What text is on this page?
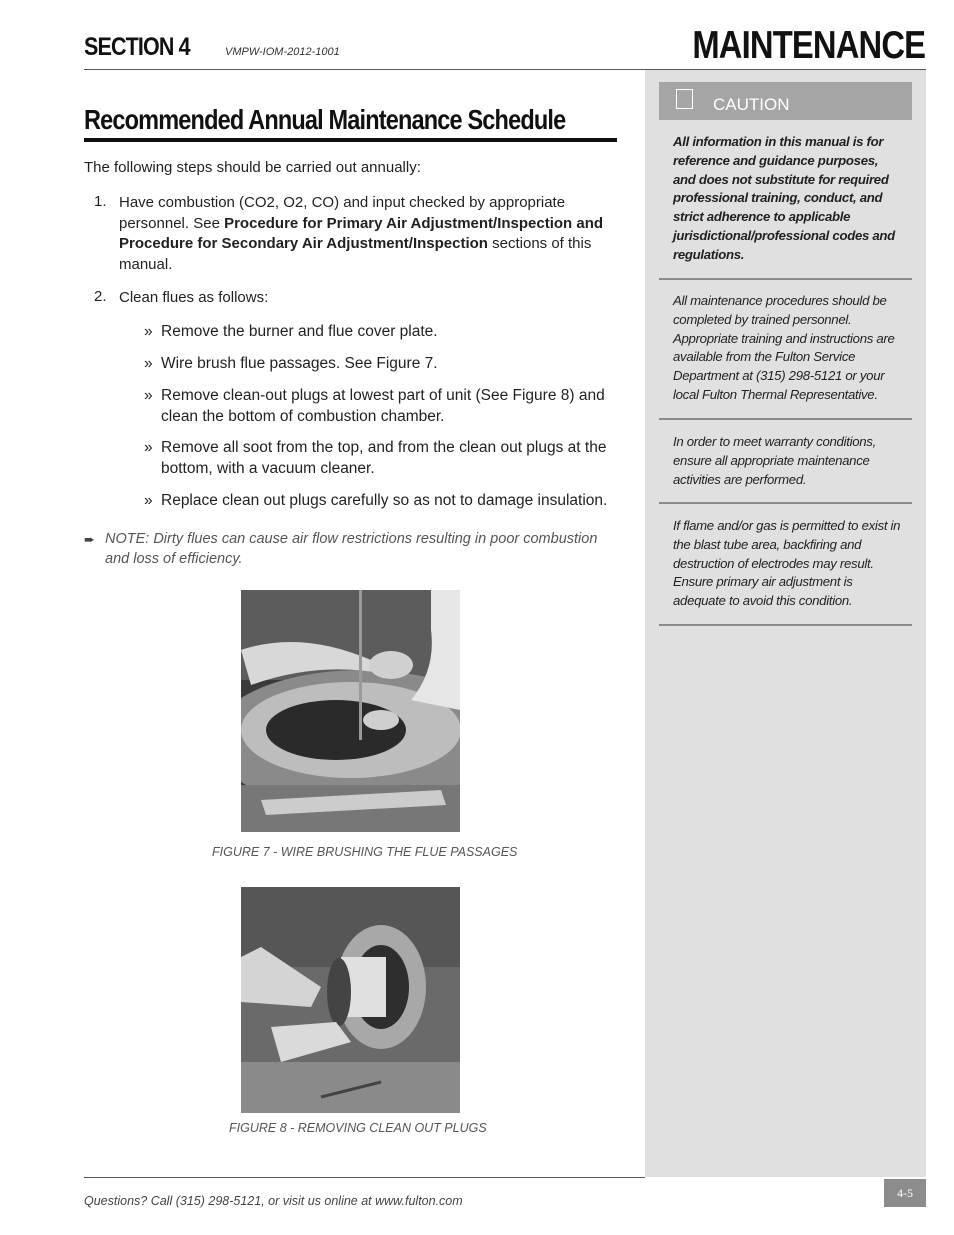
SECTION 4	VMPW-IOM-2012-1001	MAINTENANCE
CAUTION
All information in this manual is for reference and guidance purposes, and does not substitute for required professional training, conduct, and strict adherence to applicable jurisdictional/professional codes and regulations.
All maintenance procedures should be completed by trained personnel. Appropriate training and instructions are available from the Fulton Service Department at (315) 298-5121 or your local Fulton Thermal Representative.
In order to meet warranty conditions, ensure all appropriate maintenance activities are performed.
If flame and/or gas is permitted to exist in the blast tube area, backfiring and destruction of electrodes may result. Ensure primary air adjustment is adequate to avoid this condition.
Recommended Annual Maintenance Schedule
The following steps should be carried out annually:
1. Have combustion (CO2, O2, CO) and input checked by appropriate personnel. See Procedure for Primary Air Adjustment/Inspection and Procedure for Secondary Air Adjustment/Inspection sections of this manual.
2. Clean flues as follows:
» Remove the burner and flue cover plate.
» Wire brush flue passages. See Figure 7.
» Remove clean-out plugs at lowest part of unit (See Figure 8) and clean the bottom of combustion chamber.
» Remove all soot from the top, and from the clean out plugs at the bottom, with a vacuum cleaner.
» Replace clean out plugs carefully so as not to damage insulation.
➨ NOTE: Dirty flues can cause air flow restrictions resulting in poor combustion and loss of efficiency.
FIGURE 7 - WIRE BRUSHING THE FLUE PASSAGES
FIGURE 8 - REMOVING CLEAN OUT PLUGS
Questions? Call (315) 298-5121, or visit us online at www.fulton.com
4-5
